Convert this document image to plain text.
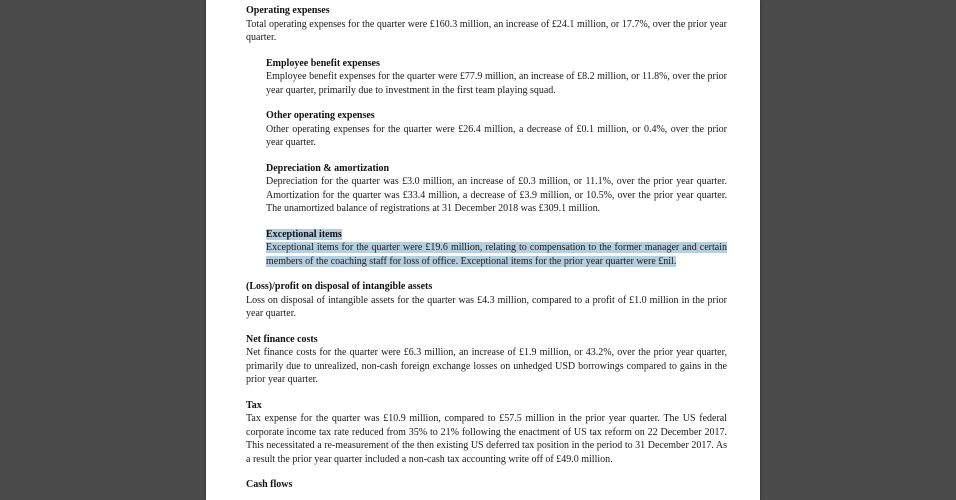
Operating expenses
Total operating expenses for the quarter were £160.3 million, an increase of £24.1 million, or 17.7%, over the prior year quarter.
Employee benefit expenses
Employee benefit expenses for the quarter were £77.9 million, an increase of £8.2 million, or 11.8%, over the prior year quarter, primarily due to investment in the first team playing squad.
Other operating expenses
Other operating expenses for the quarter were £26.4 million, a decrease of £0.1 million, or 0.4%, over the prior year quarter.
Depreciation & amortization
Depreciation for the quarter was £3.0 million, an increase of £0.3 million, or 11.1%, over the prior year quarter. Amortization for the quarter was £33.4 million, a decrease of £3.9 million, or 10.5%, over the prior year quarter. The unamortized balance of registrations at 31 December 2018 was £309.1 million.
Exceptional items
Exceptional items for the quarter were £19.6 million, relating to compensation to the former manager and certain members of the coaching staff for loss of office. Exceptional items for the prior year quarter were £nil.
(Loss)/profit on disposal of intangible assets
Loss on disposal of intangible assets for the quarter was £4.3 million, compared to a profit of £1.0 million in the prior year quarter.
Net finance costs
Net finance costs for the quarter were £6.3 million, an increase of £1.9 million, or 43.2%, over the prior year quarter, primarily due to unrealized, non-cash foreign exchange losses on unhedged USD borrowings compared to gains in the prior year quarter.
Tax
Tax expense for the quarter was £10.9 million, compared to £57.5 million in the prior year quarter. The US federal corporate income tax rate reduced from 35% to 21% following the enactment of US tax reform on 22 December 2017. This necessitated a re-measurement of the then existing US deferred tax position in the period to 31 December 2017. As a result the prior year quarter included a non-cash tax accounting write off of £49.0 million.
Cash flows
